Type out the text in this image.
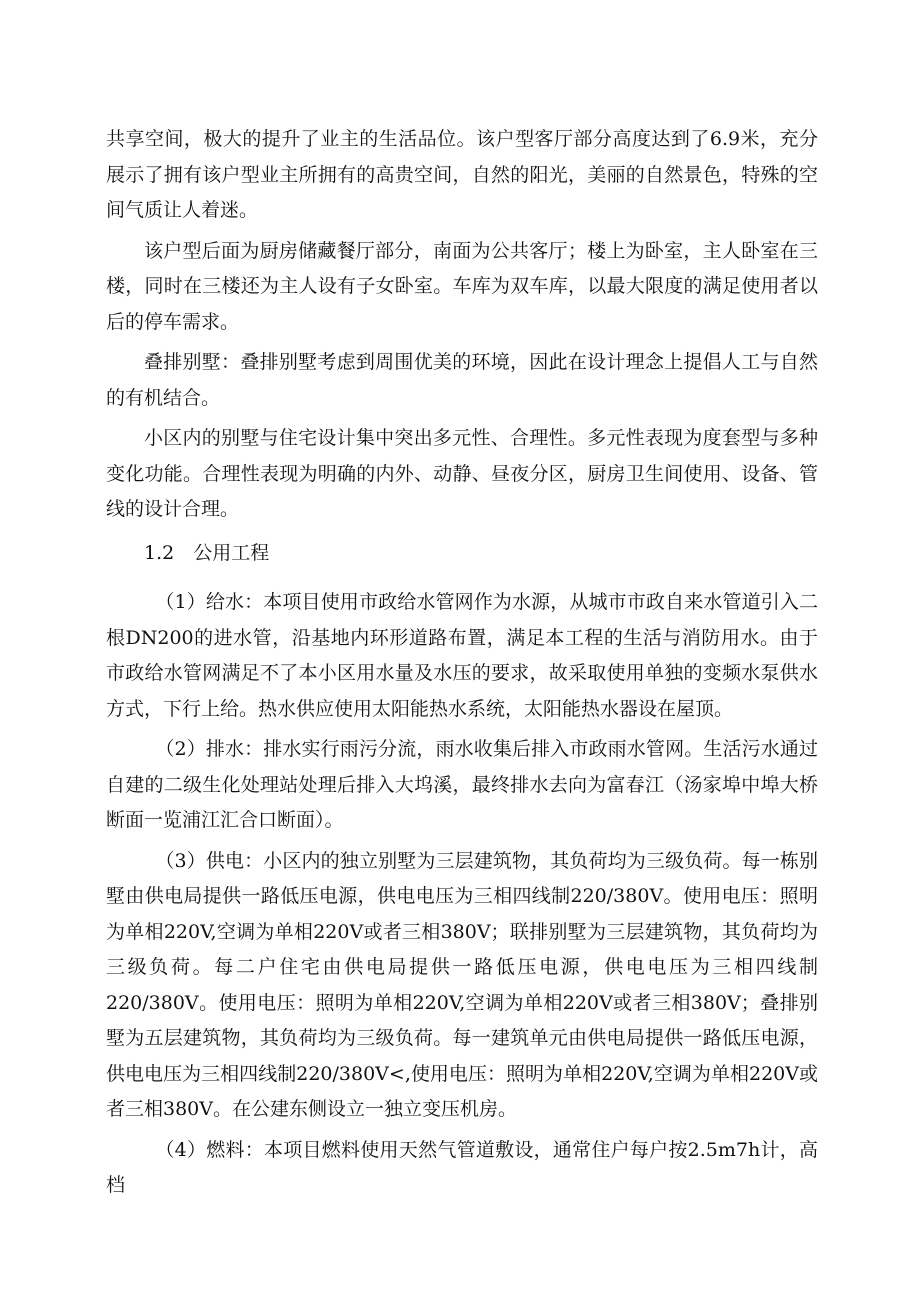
共享空间，极大的提升了业主的生活品位。该户型客厅部分高度达到了6.9米，充分展示了拥有该户型业主所拥有的高贵空间，自然的阳光，美丽的自然景色，特殊的空间气质让人着迷。

该户型后面为厨房储藏餐厅部分，南面为公共客厅；楼上为卧室，主人卧室在三楼，同时在三楼还为主人设有子女卧室。车库为双车库，以最大限度的满足使用者以后的停车需求。

叠排别墅：叠排别墅考虑到周围优美的环境，因此在设计理念上提倡人工与自然的有机结合。

小区内的别墅与住宅设计集中突出多元性、合理性。多元性表现为度套型与多种变化功能。合理性表现为明确的内外、动静、昼夜分区，厨房卫生间使用、设备、管线的设计合理。

1.2　公用工程

（1）给水：本项目使用市政给水管网作为水源，从城市市政自来水管道引入二根DN200的进水管，沿基地内环形道路布置，满足本工程的生活与消防用水。由于市政给水管网满足不了本小区用水量及水压的要求，故采取使用单独的变频水泵供水方式，下行上给。热水供应使用太阳能热水系统，太阳能热水器设在屋顶。

（2）排水：排水实行雨污分流，雨水收集后排入市政雨水管网。生活污水通过自建的二级生化处理站处理后排入大坞溪，最终排水去向为富春江（汤家埠中埠大桥断面一览浦江汇合口断面）。

（3）供电：小区内的独立别墅为三层建筑物，其负荷均为三级负荷。每一栋别墅由供电局提供一路低压电源，供电电压为三相四线制220/380V。使用电压：照明为单相220V,空调为单相220V或者三相380V；联排别墅为三层建筑物，其负荷均为三级负荷。每二户住宅由供电局提供一路低压电源，供电电压为三相四线制220/380V。使用电压：照明为单相220V,空调为单相220V或者三相380V；叠排别墅为五层建筑物，其负荷均为三级负荷。每一建筑单元由供电局提供一路低压电源，供电电压为三相四线制220/380V<,使用电压：照明为单相220V,空调为单相220V或者三相380V。在公建东侧设立一独立变压机房。

（4）燃料：本项目燃料使用天然气管道敷设，通常住户每户按2.5m7h计，高档
